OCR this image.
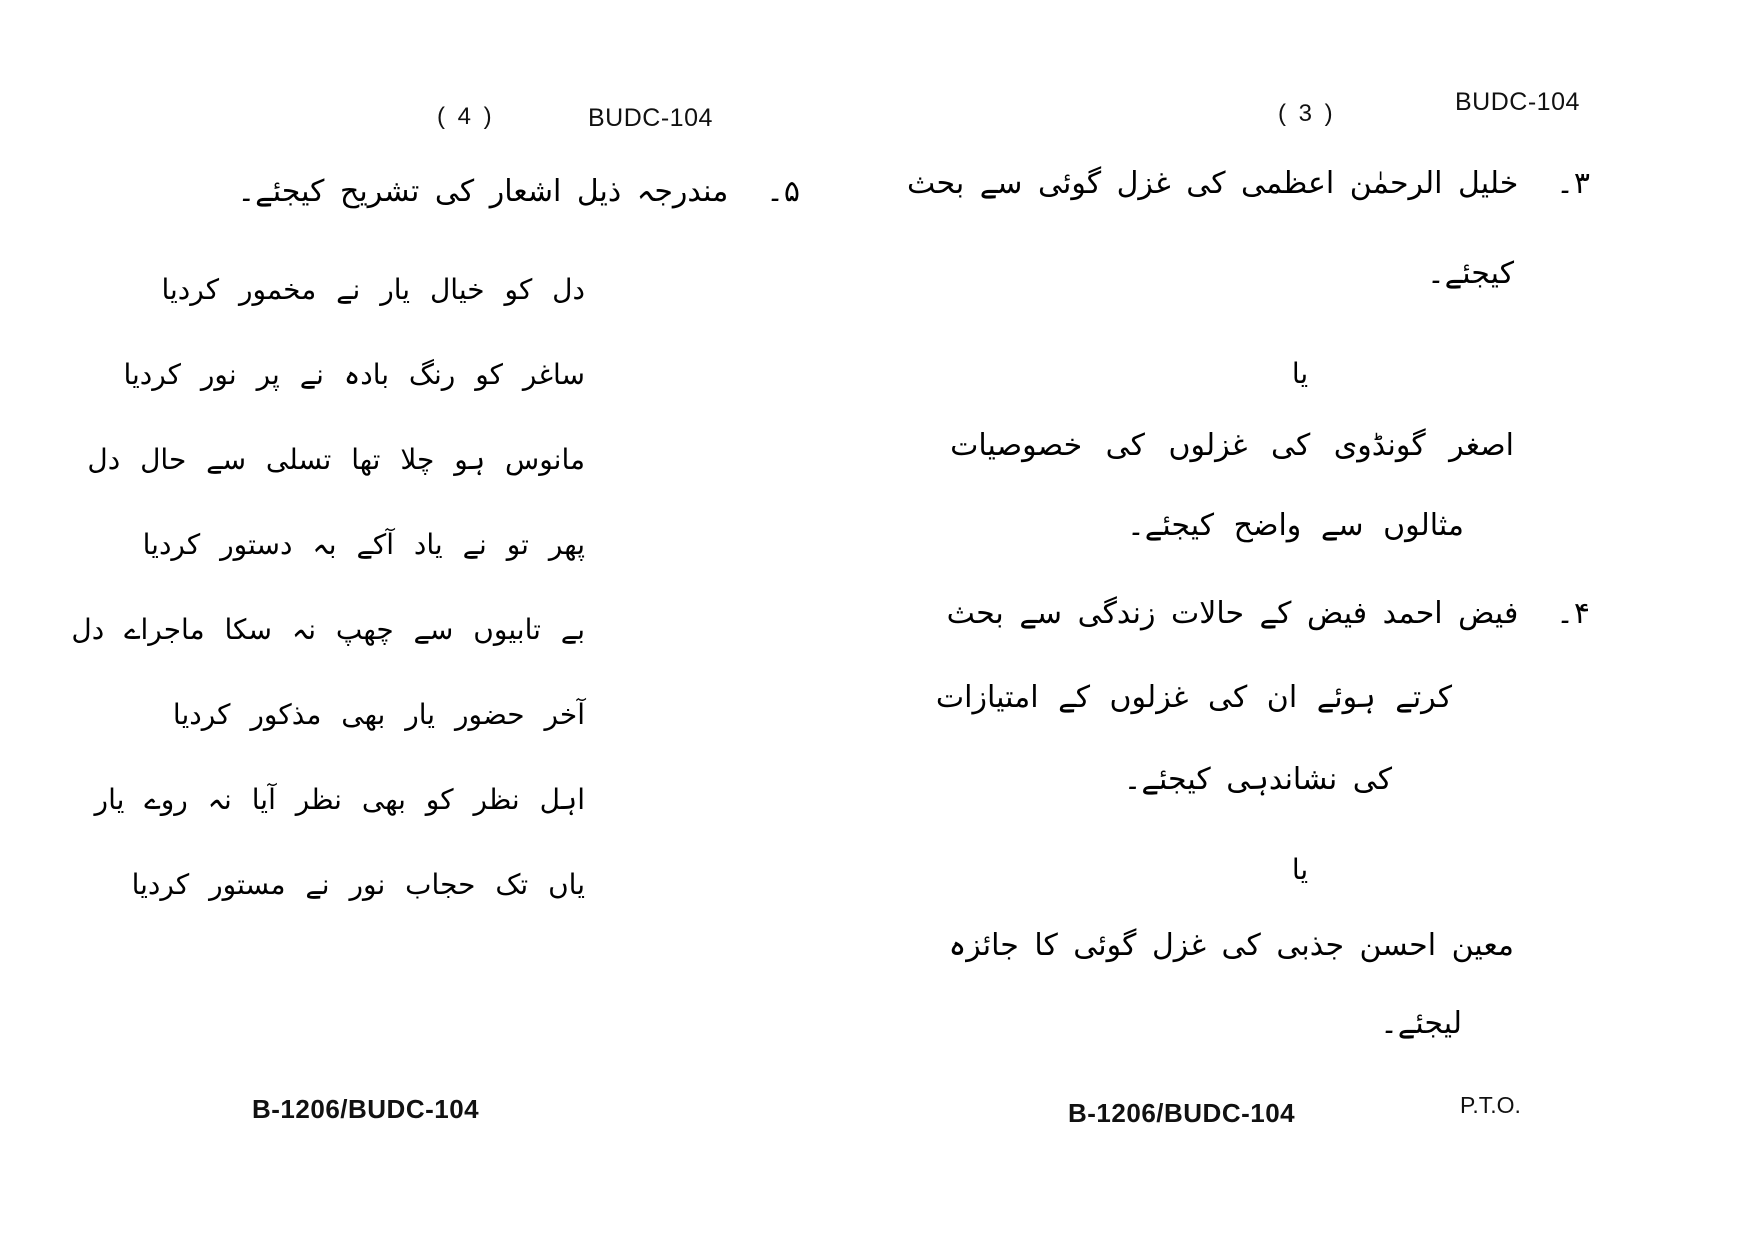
( 4 )	BUDC-104
۵۔مندرجہ ذیل اشعار کی تشریح کیجئے۔
دل کو خیال یار نے مخمور کردیا
ساغر کو رنگ بادہ نے پر نور کردیا
مانوس ہو چلا تھا تسلی سے حال دل
پھر تو نے یاد آکے بہ دستور کردیا
بے تابیوں سے چھپ نہ سکا ماجراے دل
آخر حضور یار بھی مذکور کردیا
اہل نظر کو بھی نظر آیا نہ روے یار
یاں تک حجاب نور نے مستور کردیا
B-1206/BUDC-104
BUDC-104
( 3 )
۳۔خلیل الرحمٰن اعظمی کی غزل گوئی سے بحث
کیجئے۔
یا
اصغر گونڈوی کی غزلوں کی خصوصیات
مثالوں سے واضح کیجئے۔
۴۔فیض احمد فیض کے حالات زندگی سے بحث
کرتے ہوئے ان کی غزلوں کے امتیازات
کی نشاندہی کیجئے۔
یا
معین احسن جذبی کی غزل گوئی کا جائزہ
لیجئے۔
B-1206/BUDC-104	P.T.O.
